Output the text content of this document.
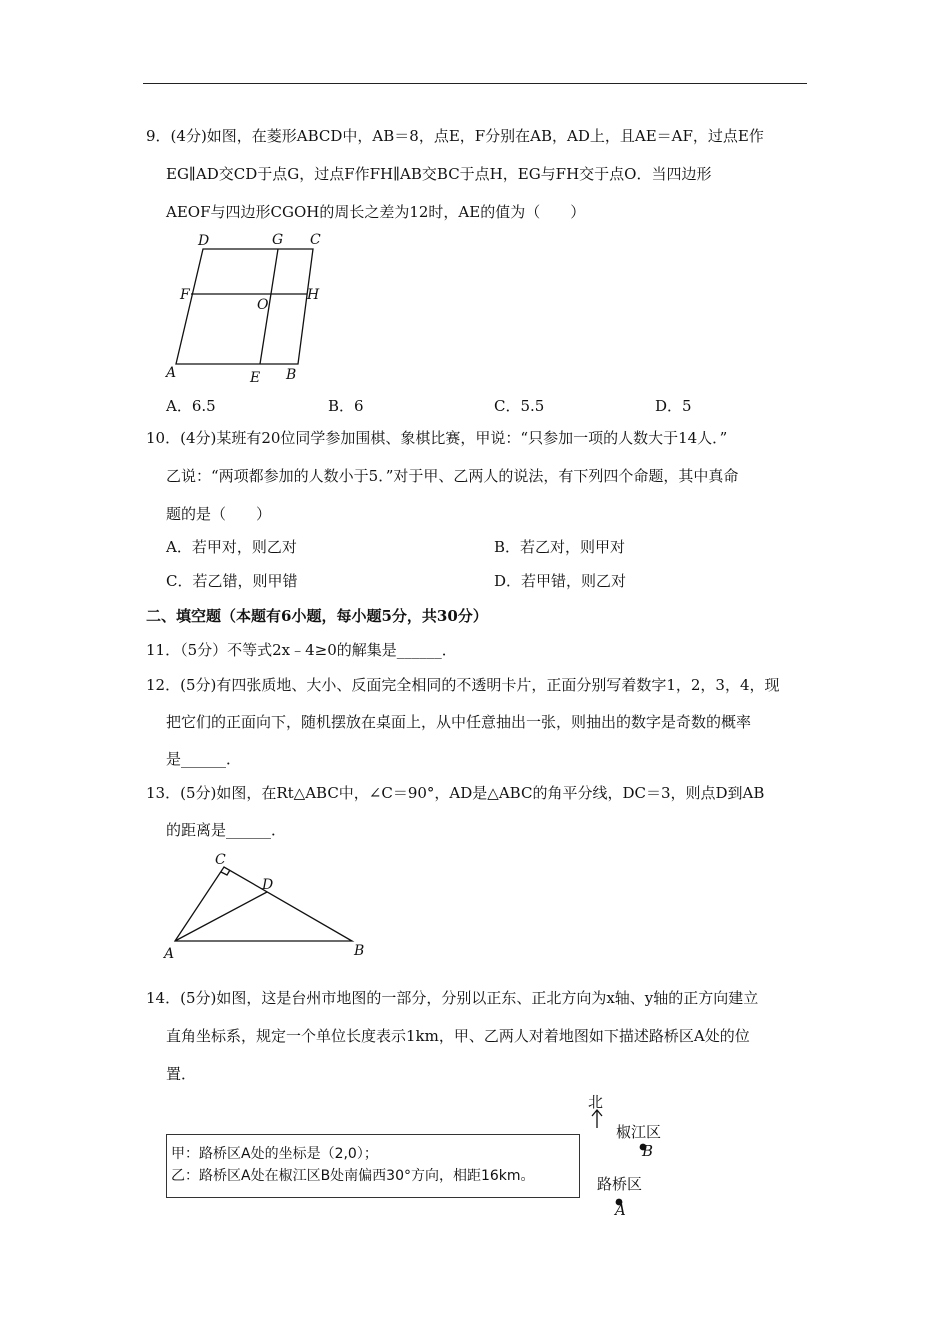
9．(4分)如图，在菱形ABCD中，AB＝8，点E，F分别在AB，AD上，且AE＝AF，过点E作
EG∥AD交CD于点G，过点F作FH∥AB交BC于点H，EG与FH交于点O．当四边形
AEOF与四边形CGOH的周长之差为12时，AE的值为（　　）
D	G C
F
O
H
A	E B
A．6.5	B．6	C．5.5	D．5
10．(4分)某班有20位同学参加围棋、象棋比赛，甲说：“只参加一项的人数大于14人．”
乙说：“两项都参加的人数小于5．”对于甲、乙两人的说法，有下列四个命题，其中真命
题的是（　　）
A．若甲对，则乙对	B．若乙对，则甲对
C．若乙错，则甲错	D．若甲错，则乙对
二、填空题（本题有6小题，每小题5分，共30分）
11．（5分）不等式2x﹣4≥0的解集是______．
12．(5分)有四张质地、大小、反面完全相同的不透明卡片，正面分别写着数字1，2，3，4，现
把它们的正面向下，随机摆放在桌面上，从中任意抽出一张，则抽出的数字是奇数的概率
是______．
13．(5分)如图，在Rt△ABC中，∠C＝90°，AD是△ABC的角平分线，DC＝3，则点D到AB
的距离是______．
C
D
A	B
14．(5分)如图，这是台州市地图的一部分，分别以正东、正北方向为x轴、y轴的正方向建立
直角坐标系，规定一个单位长度表示1km，甲、乙两人对着地图如下描述路桥区A处的位
置．
甲：路桥区A处的坐标是（2,0）；
乙：路桥区A处在椒江区B处南偏西30°方向，相距16km。
北
椒江区
B
路桥区
A
